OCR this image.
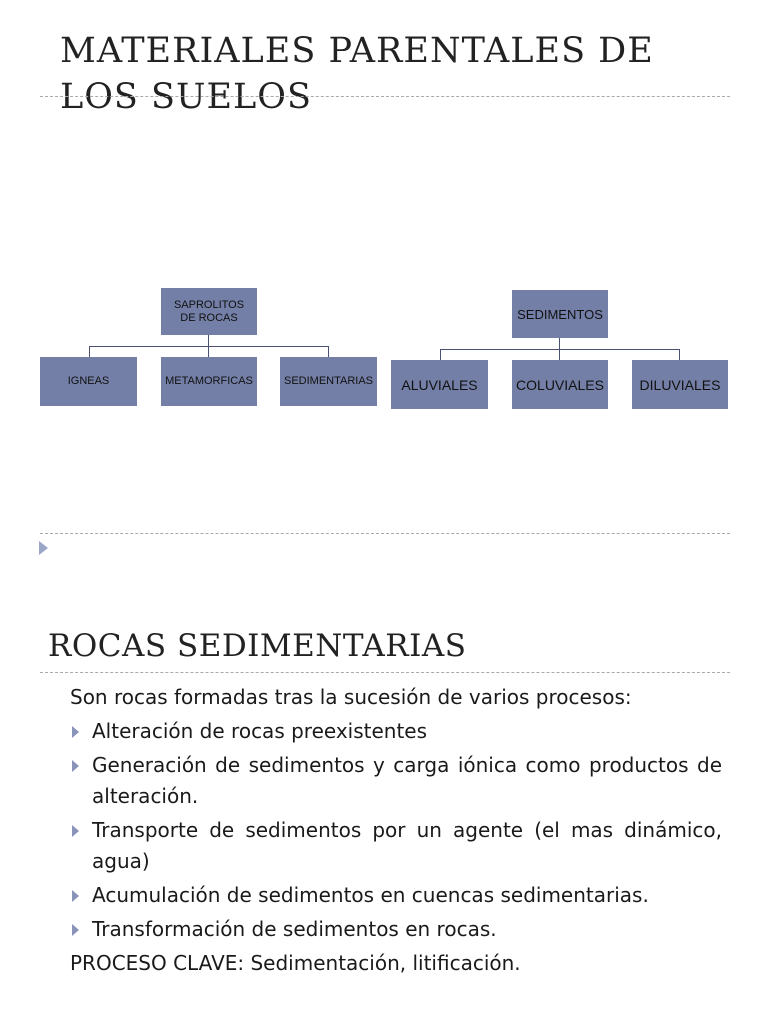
MATERIALES PARENTALES DE LOS SUELOS
SAPROLITOS DE ROCAS
IGNEAS	METAMORFICAS	SEDIMENTARIAS
SEDIMENTOS
ALUVIALES	COLUVIALES	DILUVIALES
ROCAS SEDIMENTARIAS

Son rocas formadas tras la sucesión de varios procesos:

Alteración de rocas preexistentes
Generación de sedimentos y carga iónica como productos de alteración.
Transporte de sedimentos por un agente (el mas dinámico, agua)
Acumulación de sedimentos en cuencas sedimentarias.
Transformación de sedimentos en rocas.

PROCESO CLAVE: Sedimentación, litificación.
